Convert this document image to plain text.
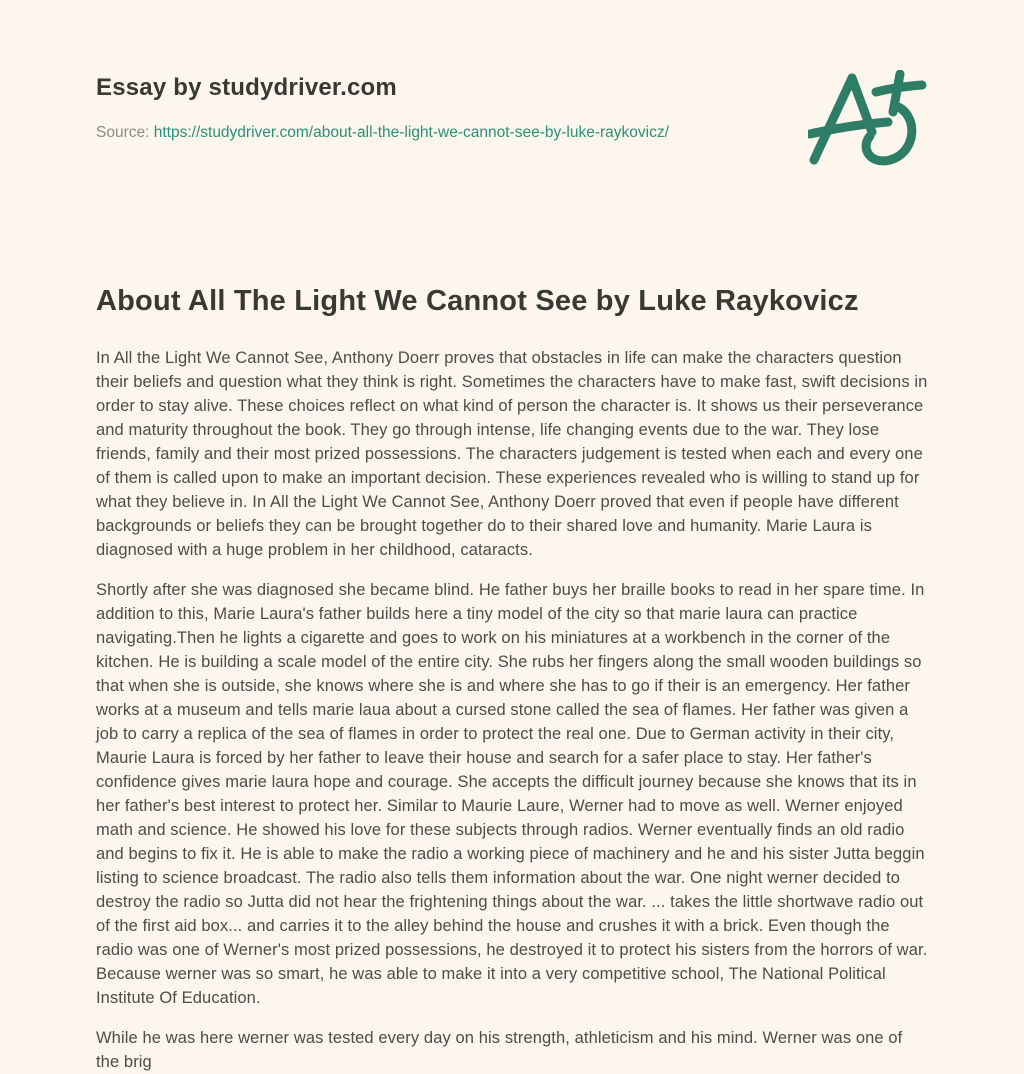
Essay by studydriver.com

Source: https://studydriver.com/about-all-the-light-we-cannot-see-by-luke-raykovicz/

About All The Light We Cannot See by Luke Raykovicz

In All the Light We Cannot See, Anthony Doerr proves that obstacles in life can make the characters question their beliefs and question what they think is right. Sometimes the characters have to make fast, swift decisions in order to stay alive. These choices reflect on what kind of person the character is. It shows us their perseverance and maturity throughout the book. They go through intense, life changing events due to the war. They lose friends, family and their most prized possessions. The characters judgement is tested when each and every one of them is called upon to make an important decision. These experiences revealed who is willing to stand up for what they believe in. In All the Light We Cannot See, Anthony Doerr proved that even if people have different backgrounds or beliefs they can be brought together do to their shared love and humanity. Marie Laura is diagnosed with a huge problem in her childhood, cataracts.

Shortly after she was diagnosed she became blind. He father buys her braille books to read in her spare time. In addition to this, Marie Laura's father builds here a tiny model of the city so that marie laura can practice navigating.Then he lights a cigarette and goes to work on his miniatures at a workbench in the corner of the kitchen. He is building a scale model of the entire city. She rubs her fingers along the small wooden buildings so that when she is outside, she knows where she is and where she has to go if their is an emergency. Her father works at a museum and tells marie laua about a cursed stone called the sea of flames. Her father was given a job to carry a replica of the sea of flames in order to protect the real one. Due to German activity in their city, Maurie Laura is forced by her father to leave their house and search for a safer place to stay. Her father's confidence gives marie laura hope and courage. She accepts the difficult journey because she knows that its in her father's best interest to protect her. Similar to Maurie Laure, Werner had to move as well. Werner enjoyed math and science. He showed his love for these subjects through radios. Werner eventually finds an old radio and begins to fix it. He is able to make the radio a working piece of machinery and he and his sister Jutta beggin listing to science broadcast. The radio also tells them information about the war. One night werner decided to destroy the radio so Jutta did not hear the frightening things about the war. ... takes the little shortwave radio out of the first aid box... and carries it to the alley behind the house and crushes it with a brick. Even though the radio was one of Werner's most prized possessions, he destroyed it to protect his sisters from the horrors of war. Because werner was so smart, he was able to make it into a very competitive school, The National Political Institute Of Education.

While he was here werner was tested every day on his strength, athleticism and his mind. Werner was one of the brig
